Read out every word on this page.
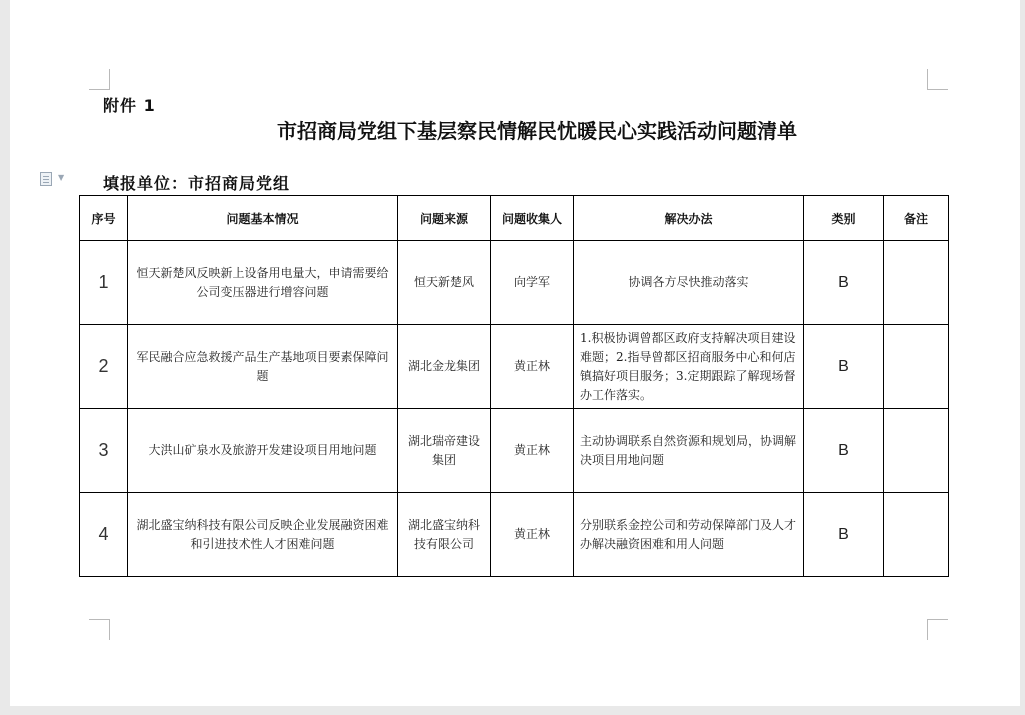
附件 1
市招商局党组下基层察民情解民忧暖民心实践活动问题清单
▼ 填报单位：市招商局党组
序号	问题基本情况	问题来源	问题收集人	解决办法	类别	备注
1	恒天新楚风反映新上设备用电量大，申请需要给公司变压器进行增容问题	恒天新楚风	向学军	协调各方尽快推动落实	B	
2	军民融合应急救援产品生产基地项目要素保障问题	湖北金龙集团	黄正林	1.积极协调曾都区政府支持解决项目建设难题；2.指导曾都区招商服务中心和何店镇搞好项目服务；3.定期跟踪了解现场督办工作落实。	B	
3	大洪山矿泉水及旅游开发建设项目用地问题	湖北瑞帝建设集团	黄正林	主动协调联系自然资源和规划局，协调解决项目用地问题	B	
4	湖北盛宝纳科技有限公司反映企业发展融资困难和引进技术性人才困难问题	湖北盛宝纳科技有限公司	黄正林	分别联系金控公司和劳动保障部门及人才办解决融资困难和用人问题	B	
